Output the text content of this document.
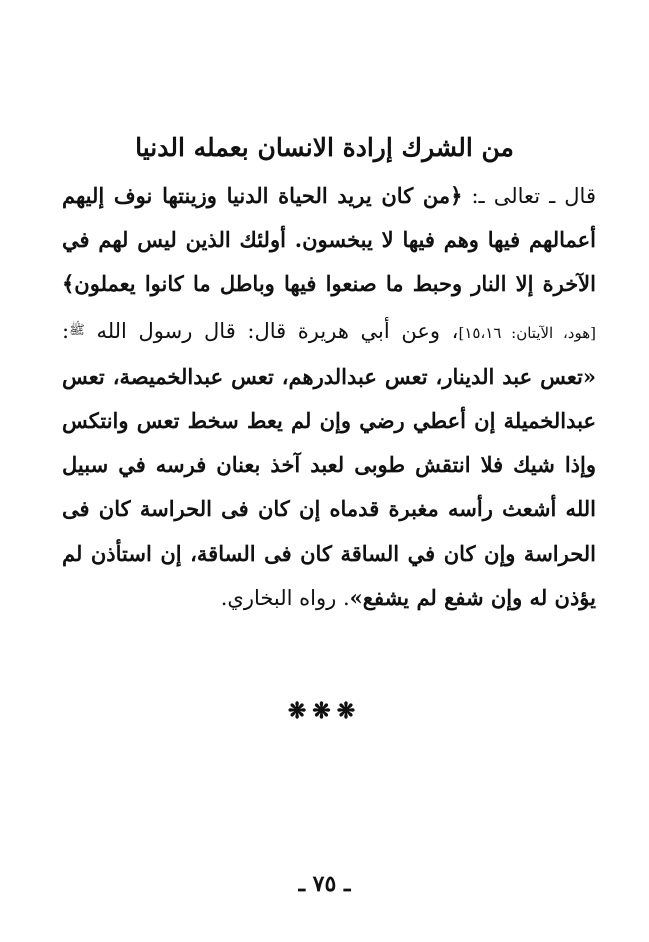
من الشرك إرادة الانسان بعمله الدنيا
قال ـ تعالى ـ: ﴿من كان يريد الحياة الدنيا وزينتها نوف إليهم أعمالهم فيها وهم فيها لا يبخسون. أولئك الذين ليس لهم في الآخرة إلا النار وحبط ما صنعوا فيها وباطل ما كانوا يعملون﴾ [هود، الآيتان: ١٥،١٦]، وعن أبي هريرة قال: قال رسول الله ﷺ: «تعس عبد الدينار، تعس عبدالدرهم، تعس عبدالخميصة، تعس عبدالخميلة إن أعطي رضي وإن لم يعط سخط تعس وانتكس وإذا شيك فلا انتقش طوبى لعبد آخذ بعنان فرسه في سبيل الله أشعث رأسه مغبرة قدماه إن كان فى الحراسة كان فى الحراسة وإن كان في الساقة كان فى الساقة، إن استأذن لم يؤذن له وإن شفع لم يشفع». رواه البخاري.
❋❋❋
ـ ٧٥ ـ
